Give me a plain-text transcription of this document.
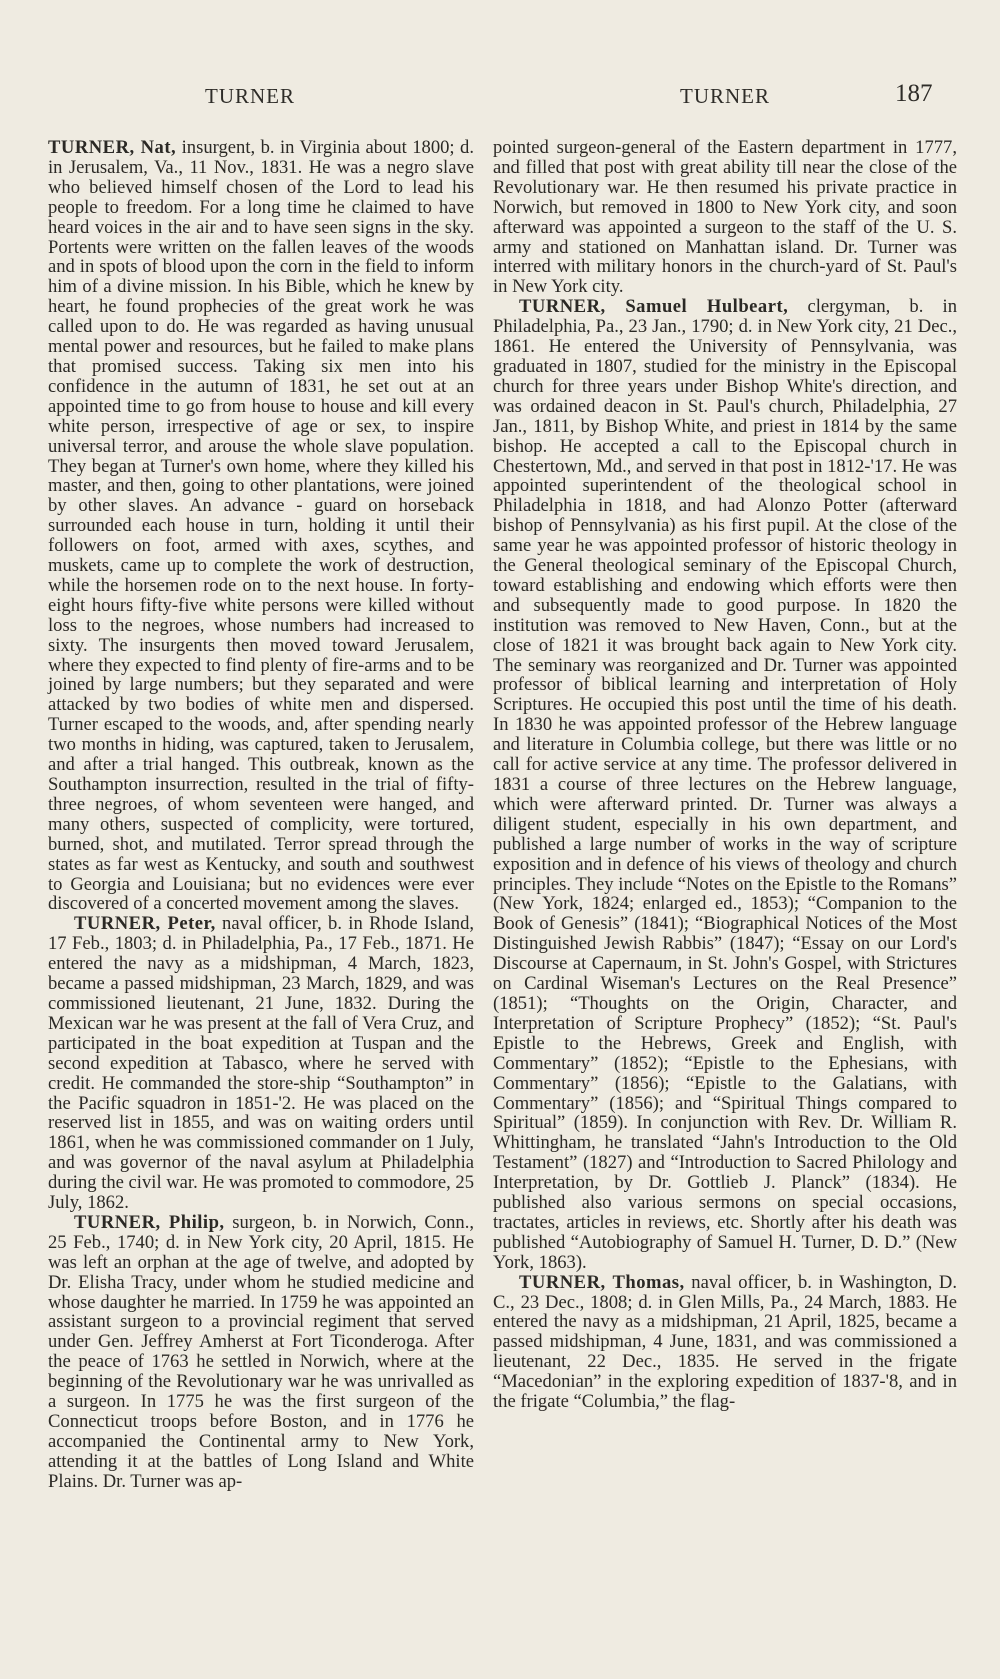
TURNER	TURNER	187

TURNER, Nat, insurgent, b. in Virginia about 1800; d. in Jerusalem, Va., 11 Nov., 1831. He was a negro slave who believed himself chosen of the Lord to lead his people to freedom. For a long time he claimed to have heard voices in the air and to have seen signs in the sky. Portents were written on the fallen leaves of the woods and in spots of blood upon the corn in the field to inform him of a divine mission. In his Bible, which he knew by heart, he found prophecies of the great work he was called upon to do. He was regarded as having unusual mental power and resources, but he failed to make plans that promised success. Taking six men into his confidence in the autumn of 1831, he set out at an appointed time to go from house to house and kill every white person, irrespective of age or sex, to inspire universal terror, and arouse the whole slave population. They began at Turner's own home, where they killed his master, and then, going to other plantations, were joined by other slaves. An advance - guard on horseback surrounded each house in turn, holding it until their followers on foot, armed with axes, scythes, and muskets, came up to complete the work of destruction, while the horsemen rode on to the next house. In forty-eight hours fifty-five white persons were killed without loss to the negroes, whose numbers had increased to sixty. The insurgents then moved toward Jerusalem, where they expected to find plenty of fire-arms and to be joined by large numbers; but they separated and were attacked by two bodies of white men and dispersed. Turner escaped to the woods, and, after spending nearly two months in hiding, was captured, taken to Jerusalem, and after a trial hanged. This outbreak, known as the Southampton insurrection, resulted in the trial of fifty-three negroes, of whom seventeen were hanged, and many others, suspected of complicity, were tortured, burned, shot, and mutilated. Terror spread through the states as far west as Kentucky, and south and southwest to Georgia and Louisiana; but no evidences were ever discovered of a concerted movement among the slaves.

TURNER, Peter, naval officer, b. in Rhode Island, 17 Feb., 1803; d. in Philadelphia, Pa., 17 Feb., 1871. He entered the navy as a midshipman, 4 March, 1823, became a passed midshipman, 23 March, 1829, and was commissioned lieutenant, 21 June, 1832. During the Mexican war he was present at the fall of Vera Cruz, and participated in the boat expedition at Tuspan and the second expedition at Tabasco, where he served with credit. He commanded the store-ship “Southampton” in the Pacific squadron in 1851-'2. He was placed on the reserved list in 1855, and was on waiting orders until 1861, when he was commissioned commander on 1 July, and was governor of the naval asylum at Philadelphia during the civil war. He was promoted to commodore, 25 July, 1862.

TURNER, Philip, surgeon, b. in Norwich, Conn., 25 Feb., 1740; d. in New York city, 20 April, 1815. He was left an orphan at the age of twelve, and adopted by Dr. Elisha Tracy, under whom he studied medicine and whose daughter he married. In 1759 he was appointed an assistant surgeon to a provincial regiment that served under Gen. Jeffrey Amherst at Fort Ticonderoga. After the peace of 1763 he settled in Norwich, where at the beginning of the Revolutionary war he was unrivalled as a surgeon. In 1775 he was the first surgeon of the Connecticut troops before Boston, and in 1776 he accompanied the Continental army to New York, attending it at the battles of Long Island and White Plains. Dr. Turner was ap-

pointed surgeon-general of the Eastern department in 1777, and filled that post with great ability till near the close of the Revolutionary war. He then resumed his private practice in Norwich, but removed in 1800 to New York city, and soon afterward was appointed a surgeon to the staff of the U. S. army and stationed on Manhattan island. Dr. Turner was interred with military honors in the church-yard of St. Paul's in New York city.

TURNER, Samuel Hulbeart, clergyman, b. in Philadelphia, Pa., 23 Jan., 1790; d. in New York city, 21 Dec., 1861. He entered the University of Pennsylvania, was graduated in 1807, studied for the ministry in the Episcopal church for three years under Bishop White's direction, and was ordained deacon in St. Paul's church, Philadelphia, 27 Jan., 1811, by Bishop White, and priest in 1814 by the same bishop. He accepted a call to the Episcopal church in Chestertown, Md., and served in that post in 1812-'17. He was appointed superintendent of the theological school in Philadelphia in 1818, and had Alonzo Potter (afterward bishop of Pennsylvania) as his first pupil. At the close of the same year he was appointed professor of historic theology in the General theological seminary of the Episcopal Church, toward establishing and endowing which efforts were then and subsequently made to good purpose. In 1820 the institution was removed to New Haven, Conn., but at the close of 1821 it was brought back again to New York city. The seminary was reorganized and Dr. Turner was appointed professor of biblical learning and interpretation of Holy Scriptures. He occupied this post until the time of his death. In 1830 he was appointed professor of the Hebrew language and literature in Columbia college, but there was little or no call for active service at any time. The professor delivered in 1831 a course of three lectures on the Hebrew language, which were afterward printed. Dr. Turner was always a diligent student, especially in his own department, and published a large number of works in the way of scripture exposition and in defence of his views of theology and church principles. They include “Notes on the Epistle to the Romans” (New York, 1824; enlarged ed., 1853); “Companion to the Book of Genesis” (1841); “Biographical Notices of the Most Distinguished Jewish Rabbis” (1847); “Essay on our Lord's Discourse at Capernaum, in St. John's Gospel, with Strictures on Cardinal Wiseman's Lectures on the Real Presence” (1851); “Thoughts on the Origin, Character, and Interpretation of Scripture Prophecy” (1852); “St. Paul's Epistle to the Hebrews, Greek and English, with Commentary” (1852); “Epistle to the Ephesians, with Commentary” (1856); “Epistle to the Galatians, with Commentary” (1856); and “Spiritual Things compared to Spiritual” (1859). In conjunction with Rev. Dr. William R. Whittingham, he translated “Jahn's Introduction to the Old Testament” (1827) and “Introduction to Sacred Philology and Interpretation, by Dr. Gottlieb J. Planck” (1834). He published also various sermons on special occasions, tractates, articles in reviews, etc. Shortly after his death was published “Autobiography of Samuel H. Turner, D. D.” (New York, 1863).

TURNER, Thomas, naval officer, b. in Washington, D. C., 23 Dec., 1808; d. in Glen Mills, Pa., 24 March, 1883. He entered the navy as a midshipman, 21 April, 1825, became a passed midshipman, 4 June, 1831, and was commissioned a lieutenant, 22 Dec., 1835. He served in the frigate “Macedonian” in the exploring expedition of 1837-'8, and in the frigate “Columbia,” the flag-
